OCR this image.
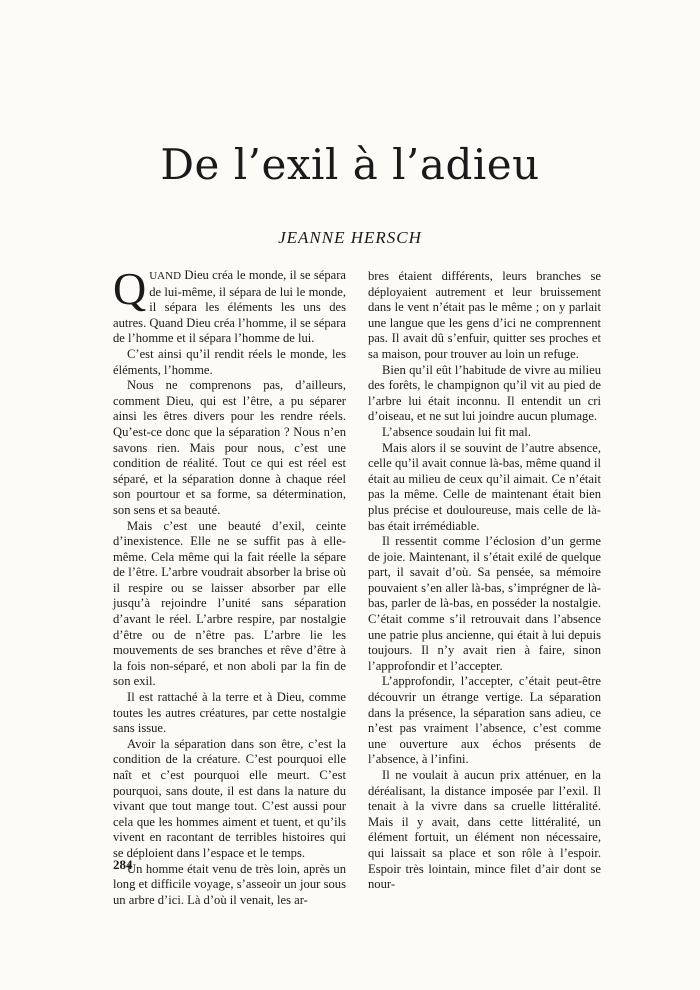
De l’exil à l’adieu
JEANNE HERSCH

QUAND Dieu créa le monde, il se sépara de lui-même, il sépara de lui le monde, il sépara les éléments les uns des autres. Quand Dieu créa l’homme, il se sépara de l’homme et il sépara l’homme de lui.

C’est ainsi qu’il rendit réels le monde, les éléments, l’homme.

Nous ne comprenons pas, d’ailleurs, comment Dieu, qui est l’être, a pu séparer ainsi les êtres divers pour les rendre réels. Qu’est-ce donc que la séparation ? Nous n’en savons rien. Mais pour nous, c’est une condition de réalité. Tout ce qui est réel est séparé, et la séparation donne à chaque réel son pourtour et sa forme, sa détermination, son sens et sa beauté.

Mais c’est une beauté d’exil, ceinte d’inexistence. Elle ne se suffit pas à elle-même. Cela même qui la fait réelle la sépare de l’être. L’arbre voudrait absorber la brise où il respire ou se laisser absorber par elle jusqu’à rejoindre l’unité sans séparation d’avant le réel. L’arbre respire, par nostalgie d’être ou de n’être pas. L’arbre lie les mouvements de ses branches et rêve d’être à la fois non-séparé, et non aboli par la fin de son exil.

Il est rattaché à la terre et à Dieu, comme toutes les autres créatures, par cette nostalgie sans issue.

Avoir la séparation dans son être, c’est la condition de la créature. C’est pourquoi elle naît et c’est pourquoi elle meurt. C’est pourquoi, sans doute, il est dans la nature du vivant que tout mange tout. C’est aussi pour cela que les hommes aiment et tuent, et qu’ils vivent en racontant de terribles histoires qui se déploient dans l’espace et le temps.

Un homme était venu de très loin, après un long et difficile voyage, s’asseoir un jour sous un arbre d’ici. Là d’où il venait, les ar-

bres étaient différents, leurs branches se déployaient autrement et leur bruissement dans le vent n’était pas le même ; on y parlait une langue que les gens d’ici ne comprennent pas. Il avait dû s’enfuir, quitter ses proches et sa maison, pour trouver au loin un refuge.

Bien qu’il eût l’habitude de vivre au milieu des forêts, le champignon qu’il vit au pied de l’arbre lui était inconnu. Il entendit un cri d’oiseau, et ne sut lui joindre aucun plumage.

L’absence soudain lui fit mal.

Mais alors il se souvint de l’autre absence, celle qu’il avait connue là-bas, même quand il était au milieu de ceux qu’il aimait. Ce n’était pas la même. Celle de maintenant était bien plus précise et douloureuse, mais celle de là-bas était irrémédiable.

Il ressentit comme l’éclosion d’un germe de joie. Maintenant, il s’était exilé de quelque part, il savait d’où. Sa pensée, sa mémoire pouvaient s’en aller là-bas, s’imprégner de là-bas, parler de là-bas, en posséder la nostalgie. C’était comme s’il retrouvait dans l’absence une patrie plus ancienne, qui était à lui depuis toujours. Il n’y avait rien à faire, sinon l’approfondir et l’accepter.

L’approfondir, l’accepter, c’était peut-être découvrir un étrange vertige. La séparation dans la présence, la séparation sans adieu, ce n’est pas vraiment l’absence, c’est comme une ouverture aux échos présents de l’absence, à l’infini.

Il ne voulait à aucun prix atténuer, en la déréalisant, la distance imposée par l’exil. Il tenait à la vivre dans sa cruelle littéralité. Mais il y avait, dans cette littéralité, un élément fortuit, un élément non nécessaire, qui laissait sa place et son rôle à l’espoir. Espoir très lointain, mince filet d’air dont se nour-

284
